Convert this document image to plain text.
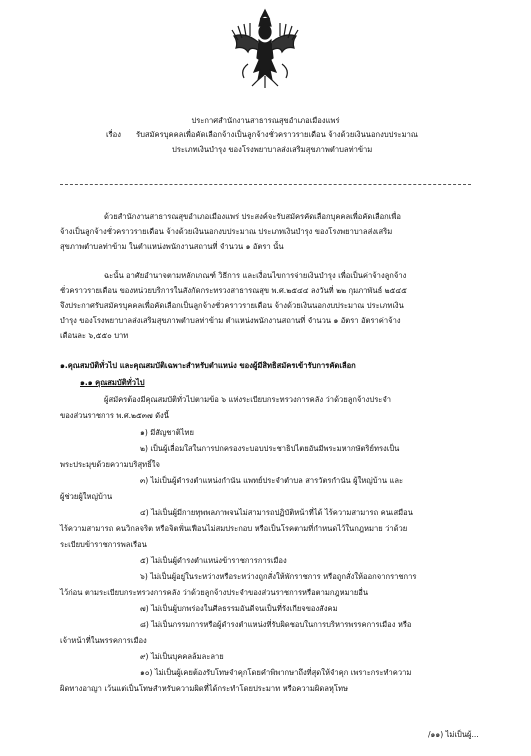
ประกาศสำนักงานสาธารณสุขอำเภอเมืองแพร่
เรื่อง รับสมัครบุคคลเพื่อคัดเลือกจ้างเป็นลูกจ้างชั่วคราวรายเดือน จ้างด้วยเงินนอกงบประมาณ
ประเภทเงินบำรุง ของโรงพยาบาลส่งเสริมสุขภาพตำบลท่าข้าม
ด้วยสำนักงานสาธารณสุขอำเภอเมืองแพร่ ประสงค์จะรับสมัครคัดเลือกบุคคลเพื่อคัดเลือกเพื่อ
จ้างเป็นลูกจ้างชั่วคราวรายเดือน จ้างด้วยเงินนอกงบประมาณ ประเภทเงินบำรุง ของโรงพยาบาลส่งเสริม
สุขภาพตำบลท่าข้าม ในตำแหน่งพนักงานสถานที่ จำนวน ๑ อัตรา นั้น
ฉะนั้น อาศัยอำนาจตามหลักเกณฑ์ วิธีการ และเงื่อนไขการจ่ายเงินบำรุง เพื่อเป็นค่าจ้างลูกจ้าง
ชั่วคราวรายเดือน ของหน่วยบริการในสังกัดกระทรวงสาธารณสุข พ.ศ.๒๕๔๔ ลงวันที่ ๒๒ กุมภาพันธ์ ๒๕๔๕
จึงประกาศรับสมัครบุคคลเพื่อคัดเลือกเป็นลูกจ้างชั่วคราวรายเดือน จ้างด้วยเงินนอกงบประมาณ ประเภทเงิน
บำรุง ของโรงพยาบาลส่งเสริมสุขภาพตำบลท่าข้าม ตำแหน่งพนักงานสถานที่ จำนวน ๑ อัตรา อัตราค่าจ้าง
เดือนละ ๖,๕๕๐ บาท
๑.คุณสมบัติทั่วไป และคุณสมบัติเฉพาะสำหรับตำแหน่ง ของผู้มีสิทธิสมัครเข้ารับการคัดเลือก
๑.๑ คุณสมบัติทั่วไป
ผู้สมัครต้องมีคุณสมบัติทั่วไปตามข้อ ๖ แห่งระเบียบกระทรวงการคลัง ว่าด้วยลูกจ้างประจำ
ของส่วนราชการ พ.ศ.๒๕๓๗ ดังนี้
๑) มีสัญชาติไทย
๒) เป็นผู้เลื่อมใสในการปกครองระบอบประชาธิปไตยอันมีพระมหากษัตริย์ทรงเป็น
พระประมุขด้วยความบริสุทธิ์ใจ
๓) ไม่เป็นผู้ดำรงตำแหน่งกำนัน แพทย์ประจำตำบล สารวัตรกำนัน ผู้ใหญ่บ้าน และ
ผู้ช่วยผู้ใหญ่บ้าน
๔) ไม่เป็นผู้มีกายทุพพลภาพจนไม่สามารถปฏิบัติหน้าที่ได้ ไร้ความสามารถ คนเสมือน
ไร้ความสามารถ คนวิกลจริต หรือจิตฟั่นเฟือนไม่สมประกอบ หรือเป็นโรคตามที่กำหนดไว้ในกฎหมาย ว่าด้วย
ระเบียบข้าราชการพลเรือน
๕) ไม่เป็นผู้ดำรงตำแหน่งข้าราชการการเมือง
๖) ไม่เป็นผู้อยู่ในระหว่างหรือระหว่างถูกสั่งให้พักราชการ หรือถูกสั่งให้ออกจากราชการ
ไว้ก่อน ตามระเบียบกระทรวงการคลัง ว่าด้วยลูกจ้างประจำของส่วนราชการหรือตามกฎหมายอื่น
๗) ไม่เป็นผู้บกพร่องในศีลธรรมอันดีจนเป็นที่รังเกียจของสังคม
๘) ไม่เป็นกรรมการหรือผู้ดำรงตำแหน่งที่รับผิดชอบในการบริหารพรรคการเมือง หรือ
เจ้าหน้าที่ในพรรคการเมือง
๙) ไม่เป็นบุคคลล้มละลาย
๑๐) ไม่เป็นผู้เคยต้องรับโทษจำคุกโดยคำพิพากษาถึงที่สุดให้จำคุก เพราะกระทำความ
ผิดทางอาญา เว้นแต่เป็นโทษสำหรับความผิดที่ได้กระทำโดยประมาท หรือความผิดลหุโทษ
/๑๑) ไม่เป็นผู้...
